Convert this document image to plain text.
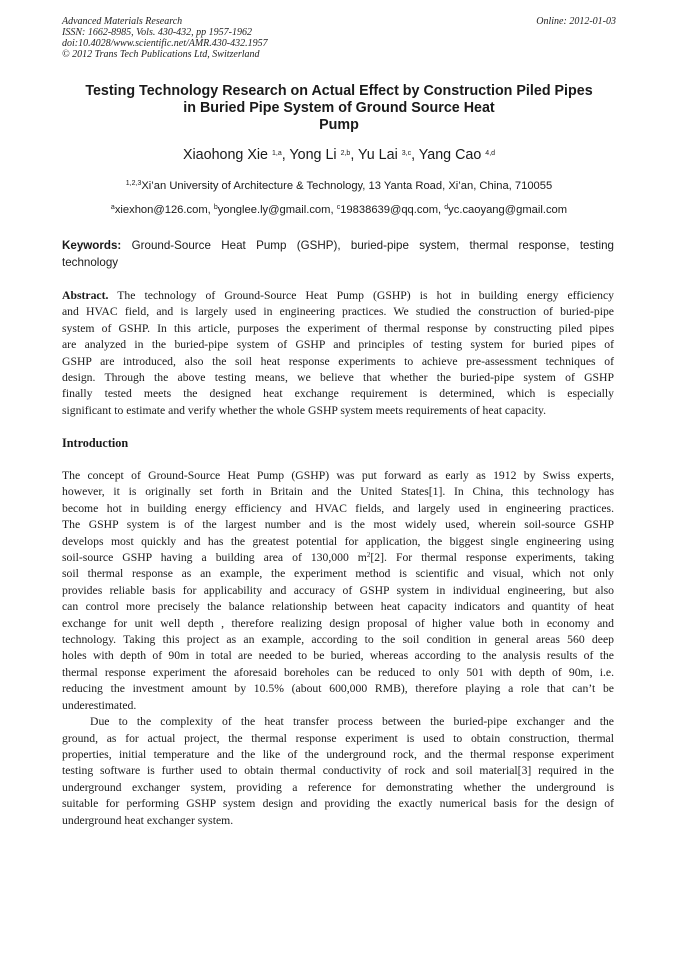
Advanced Materials Research
ISSN: 1662-8985, Vols. 430-432, pp 1957-1962
doi:10.4028/www.scientific.net/AMR.430-432.1957
© 2012 Trans Tech Publications Ltd, Switzerland
Online: 2012-01-03
Testing Technology Research on Actual Effect by Construction Piled Pipes
in Buried Pipe System of Ground Source Heat
Pump
Xiaohong Xie $^{1,a}$, Yong Li $^{2,b}$, Yu Lai $^{3,c}$, Yang Cao $^{4,d}$
$^{1,2,3}$Xi’an University of Architecture & Technology, 13 Yanta Road, Xi’an, China, 710055
$^a$xiexhon@126.com, $^b$yonglee.ly@gmail.com, $^c$19838639@qq.com, $^d$yc.caoyang@gmail.com
Keywords: Ground-Source Heat Pump (GSHP), buried-pipe system, thermal response, testing
technology
Abstract. The technology of Ground-Source Heat Pump (GSHP) is hot in building energy efficiency
and HVAC field, and is largely used in engineering practices. We studied the construction of buried-pipe
system of GSHP. In this article, purposes the experiment of thermal response by constructing piled pipes
are analyzed in the buried-pipe system of GSHP and principles of testing system for buried pipes of
GSHP are introduced, also the soil heat response experiments to achieve pre-assessment techniques of
design. Through the above testing means, we believe that whether the buried-pipe system of GSHP
finally tested meets the designed heat exchange requirement is determined, which is especially
significant to estimate and verify whether the whole GSHP system meets requirements of heat capacity.
Introduction
The concept of Ground-Source Heat Pump (GSHP) was put forward as early as 1912 by Swiss experts,
however, it is originally set forth in Britain and the United States[1]. In China, this technology has
become hot in building energy efficiency and HVAC fields, and largely used in engineering practices.
The GSHP system is of the largest number and is the most widely used, wherein soil-source GSHP
develops most quickly and has the greatest potential for application, the biggest single engineering using
soil-source GSHP having a building area of 130,000 $m^2[2]$. For thermal response experiments, taking
soil thermal response as an example, the experiment method is scientific and visual, which not only
provides reliable basis for applicability and accuracy of GSHP system in individual engineering, but also
can control more precisely the balance relationship between heat capacity indicators and quantity of heat
exchange for unit well depth , therefore realizing design proposal of higher value both in economy and
technology. Taking this project as an example, according to the soil condition in general areas 560 deep
holes with depth of 90m in total are needed to be buried, whereas according to the analysis results of the
thermal response experiment the aforesaid boreholes can be reduced to only 501 with depth of 90m, i.e.
reducing the investment amount by 10.5% (about 600,000 RMB), therefore playing a role that can’t be
underestimated.
Due to the complexity of the heat transfer process between the buried-pipe exchanger and the
ground, as for actual project, the thermal response experiment is used to obtain construction, thermal
properties, initial temperature and the like of the underground rock, and the thermal response experiment
testing software is further used to obtain thermal conductivity of rock and soil material[3] required in the
underground exchanger system, providing a reference for demonstrating whether the underground is
suitable for performing GSHP system design and providing the exactly numerical basis for the design of
underground heat exchanger system.
